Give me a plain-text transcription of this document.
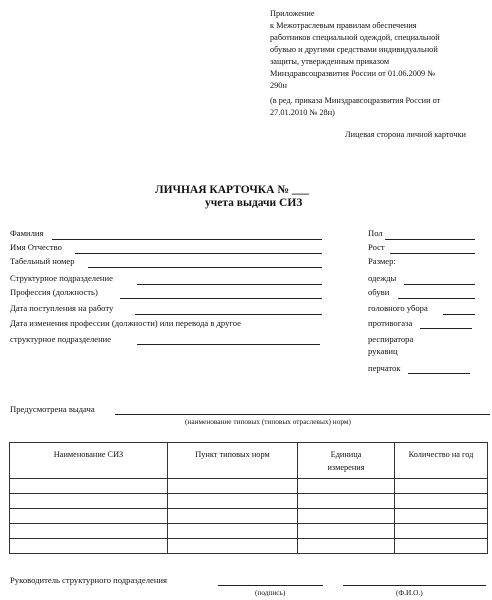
Приложение
к Межотраслевым правилам обеспечения
работников специальной одеждой, специальной
обувью и другими средствами индивидуальной
защиты, утвержденным приказом
Минздравсоцразвития России от 01.06.2009 №
290н
(в ред. приказа Минздравсоцразвития России от
27.01.2010 № 28н)
Лицевая сторона личной карточки
ЛИЧНАЯ КАРТОЧКА № ___
учета выдачи СИЗ
Фамилия
Имя Отчество
Табельный номер
Структурное подразделение
Профессия (должность)
Дата поступления на работу
Дата изменения профессии (должности) или перевода в другое
структурное подразделение
Пол
Рост
Размер:
одежды
обуви
головного убора
противогаза
респиратора
рукавиц
перчаток
Предусмотрена выдача
(наименование типовых (типовых отраслевых) норм)
Наименование СИЗ	Пункт типовых норм	Единица измерения	Количество на год

Руководитель структурного подразделения
(подпись)	(Ф.И.О.)
